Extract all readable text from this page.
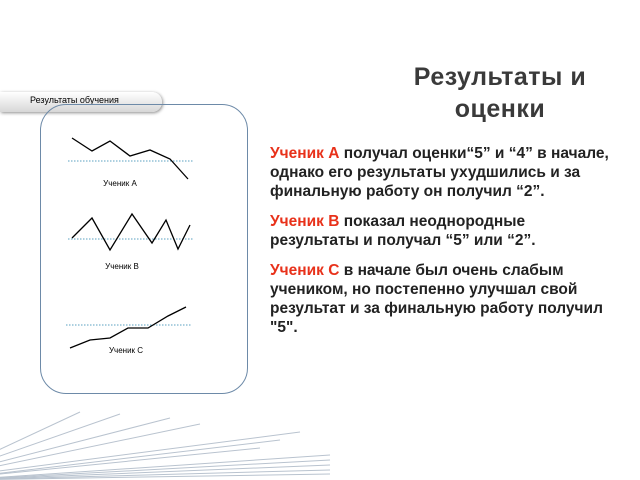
Результаты и оценки
Результаты обучения
Ученик А
Ученик В
Ученик С

Ученик А получал оценки“5” и “4” в начале, однако его результаты ухудшились и за финальную работу он получил “2”.

Ученик В показал неоднородные результаты и получал “5” или “2”.

Ученик С в начале был очень слабым учеником, но постепенно улучшал свой результат и за финальную работу получил "5".
